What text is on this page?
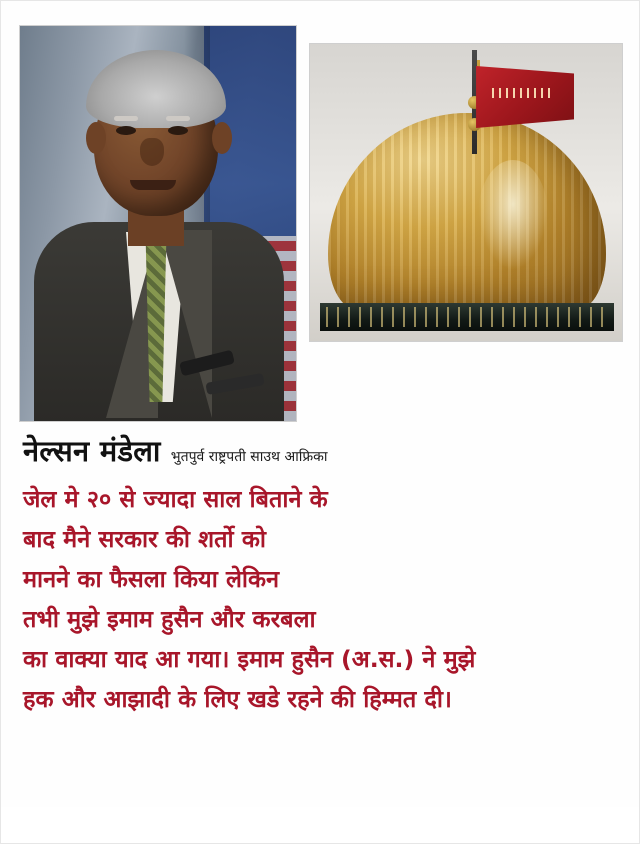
नेल्सन मंडेला भुतपुर्व राष्ट्रपती साउथ आफ्रिका
जेल मे २० से ज्यादा साल बिताने के
बाद मैने सरकार की शर्तो को
मानने का फैसला किया लेकिन
तभी मुझे इमाम हुसैन और करबला
का वाक्या याद आ गया। इमाम हुसैन (अ.स.) ने मुझे
हक और आझादी के लिए खडे रहने की हिम्मत दी।
